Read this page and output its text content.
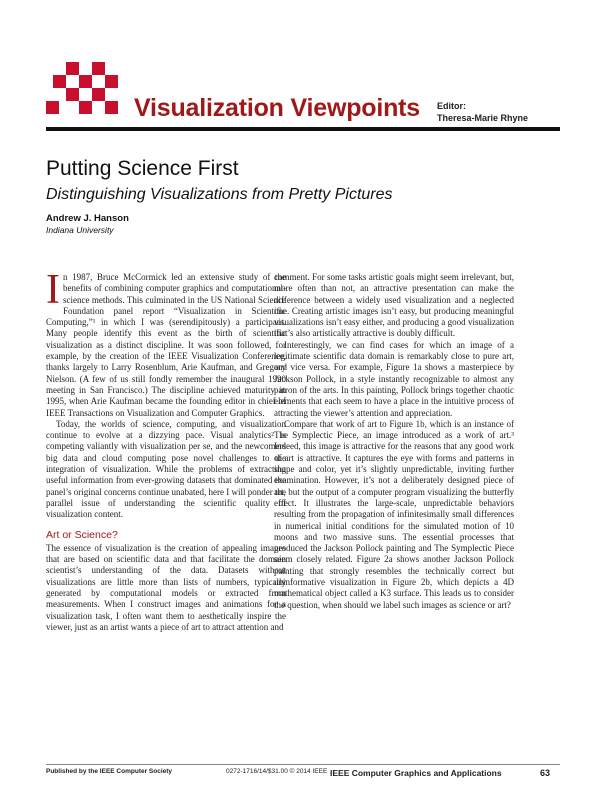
Visualization Viewpoints Editor:
Theresa-Marie Rhyne
Putting Science First
Distinguishing Visualizations from Pretty Pictures
Andrew J. Hanson
Indiana University

In 1987, Bruce McCormick led an extensive study of the benefits of combining computer graphics and computational-science methods. This culminated in the US National Science Foundation panel report “Visualization in Scientific Computing,”¹ in which I was (serendipitously) a participant. Many people identify this event as the birth of scientific visualization as a distinct discipline. It was soon followed, for example, by the creation of the IEEE Visualization Conference, thanks largely to Larry Rosenblum, Arie Kaufman, and Gregory Nielson. (A few of us still fondly remember the inaugural 1990 meeting in San Francisco.) The discipline achieved maturity in 1995, when Arie Kaufman became the founding editor in chief of IEEE Transactions on Visualization and Computer Graphics.

Today, the worlds of science, computing, and visualization continue to evolve at a dizzying pace. Visual analytics² is competing valiantly with visualization per se, and the newcomers big data and cloud computing pose novel challenges to the integration of visualization. While the problems of extracting useful information from ever-growing datasets that dominated the panel’s original concerns continue unabated, here I will ponder the parallel issue of understanding the scientific quality of visualization content.

Art or Science?

The essence of visualization is the creation of appealing images that are based on scientific data and that facilitate the domain scientist’s understanding of the data. Datasets without visualizations are little more than lists of numbers, typically generated by computational models or extracted from measurements. When I construct images and animations for a visualization task, I often want them to aesthetically inspire the viewer, just as an artist wants a piece of art to attract attention and

comment. For some tasks artistic goals might seem irrelevant, but, more often than not, an attractive presentation can make the difference between a widely used visualization and a neglected one. Creating artistic images isn’t easy, but producing meaningful visualizations isn’t easy either, and producing a good visualization that’s also artistically attractive is doubly difficult.

Interestingly, we can find cases for which an image of a legitimate scientific data domain is remarkably close to pure art, and vice versa. For example, Figure 1a shows a masterpiece by Jackson Pollock, in a style instantly recognizable to almost any patron of the arts. In this painting, Pollock brings together chaotic elements that each seem to have a place in the intuitive process of attracting the viewer’s attention and appreciation.

Compare that work of art to Figure 1b, which is an instance of The Symplectic Piece, an image introduced as a work of art.³ Indeed, this image is attractive for the reasons that any good work of art is attractive. It captures the eye with forms and patterns in shape and color, yet it’s slightly unpredictable, inviting further examination. However, it’s not a deliberately designed piece of art, but the output of a computer program visualizing the butterfly effect. It illustrates the large-scale, unpredictable behaviors resulting from the propagation of infinitesimally small differences in numerical initial conditions for the simulated motion of 10 moons and two massive suns. The essential processes that produced the Jackson Pollock painting and The Symplectic Piece seem closely related. Figure 2a shows another Jackson Pollock painting that strongly resembles the technically correct but uninformative visualization in Figure 2b, which depicts a 4D mathematical object called a K3 surface. This leads us to consider the question, when should we label such images as science or art?

Published by the IEEE Computer Society	0272-1716/14/$31.00 © 2014 IEEE IEEE Computer Graphics and Applications	63
